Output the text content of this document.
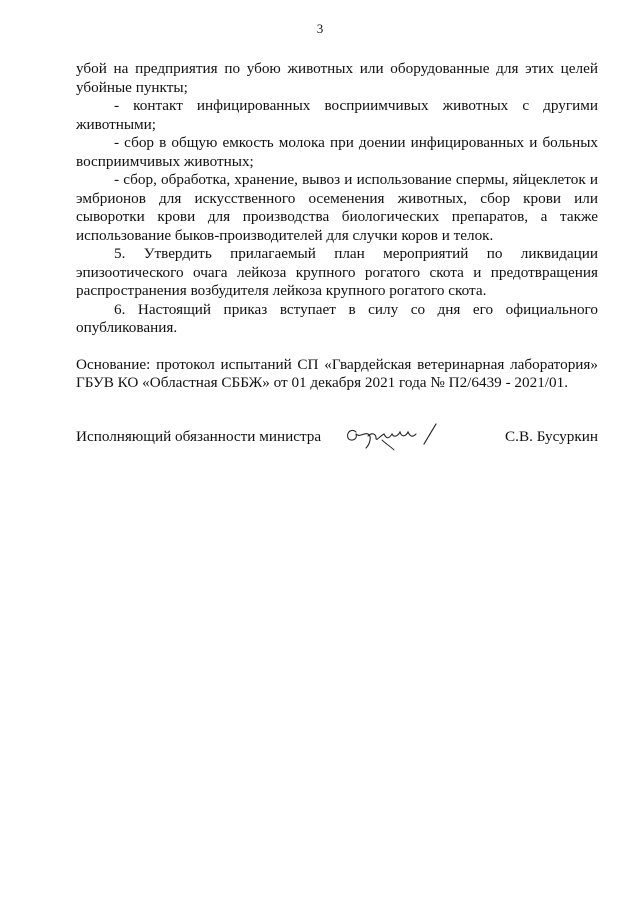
3

убой на предприятия по убою животных или оборудованные для этих целей убойные пункты;

- контакт инфицированных восприимчивых животных с другими животными;

- сбор в общую емкость молока при доении инфицированных и больных восприимчивых животных;

- сбор, обработка, хранение, вывоз и использование спермы, яйцеклеток и эмбрионов для искусственного осеменения животных, сбор крови или сыворотки крови для производства биологических препаратов, а также использование быков-производителей для случки коров и телок.

5. Утвердить прилагаемый план мероприятий по ликвидации эпизоотического очага лейкоза крупного рогатого скота и предотвращения распространения возбудителя лейкоза крупного рогатого скота.

6. Настоящий приказ вступает в силу со дня его официального опубликования.

Основание: протокол испытаний СП «Гвардейская ветеринарная лаборатория» ГБУВ КО «Областная СББЖ» от 01 декабря 2021 года № П2/6439 - 2021/01.

Исполняющий обязанности министра	С.В. Бусуркин
